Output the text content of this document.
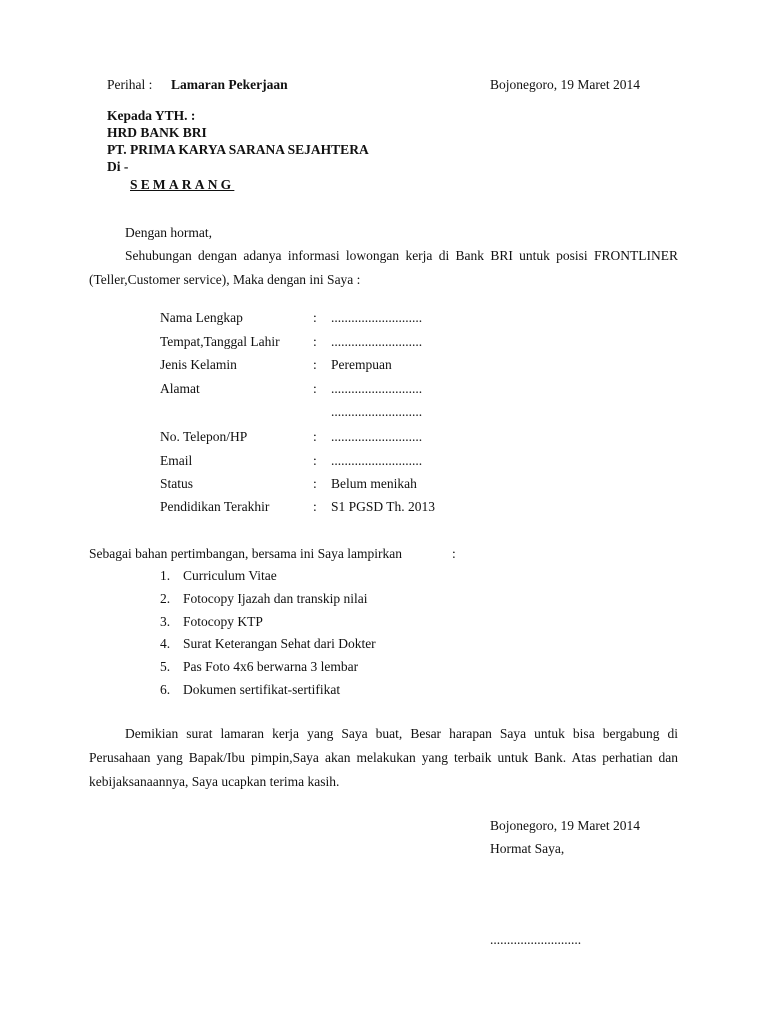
Perihal : Lamaran Pekerjaan	Bojonegoro, 19 Maret 2014
Kepada YTH. :
HRD BANK BRI
PT. PRIMA KARYA SARANA SEJAHTERA
Di -
SEMARANG
Dengan hormat,
Sehubungan dengan adanya informasi lowongan kerja di Bank BRI untuk posisi FRONTLINER (Teller,Customer service), Maka dengan ini Saya :
Nama Lengkap	: ...........................
Tempat,Tanggal Lahir : ...........................
Jenis Kelamin	: Perempuan
Alamat	: ...........................
...........................
No. Telepon/HP	: ...........................
Email	: ...........................
Status	: Belum menikah
Pendidikan Terakhir	: S1 PGSD Th. 2013
Sebagai bahan pertimbangan, bersama ini Saya lampirkan	:
1. Curriculum Vitae
2. Fotocopy Ijazah dan transkip nilai
3. Fotocopy KTP
4. Surat Keterangan Sehat dari Dokter
5. Pas Foto 4x6 berwarna 3 lembar
6. Dokumen sertifikat-sertifikat
Demikian surat lamaran kerja yang Saya buat, Besar harapan Saya untuk bisa bergabung di Perusahaan yang Bapak/Ibu pimpin,Saya akan melakukan yang terbaik untuk Bank. Atas perhatian dan kebijaksanaannya, Saya ucapkan terima kasih.
Bojonegoro, 19 Maret 2014
Hormat Saya,
...........................
